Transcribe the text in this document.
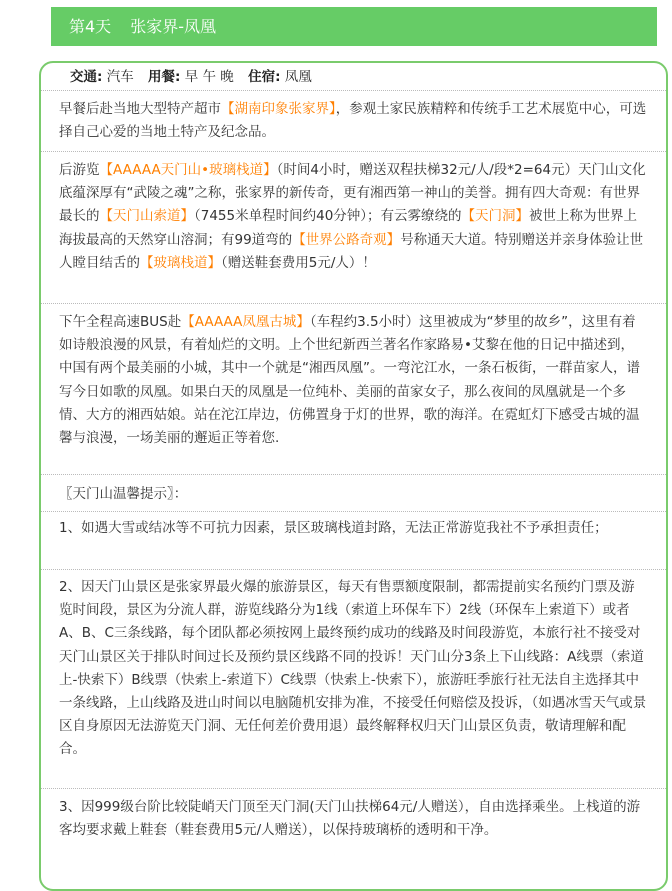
第4天 张家界-凤凰
交通: 汽车 用餐: 早 午 晚 住宿: 凤凰

早餐后赴当地大型特产超市【湖南印象张家界】，参观土家民族精粹和传统手工艺术展览中心，可选择自己心爱的当地土特产及纪念品。

后游览【AAAAA天门山•玻璃栈道】（时间4小时，赠送双程扶梯32元/人/段*2=64元）天门山文化底蕴深厚有“武陵之魂”之称，张家界的新传奇，更有湘西第一神山的美誉。拥有四大奇观：有世界最长的【天门山索道】（7455米单程时间约40分钟）；有云雾缭绕的【天门洞】被世上称为世界上海拔最高的天然穿山溶洞；有99道弯的【世界公路奇观】号称通天大道。特别赠送并亲身体验让世人瞠目结舌的【玻璃栈道】（赠送鞋套费用5元/人）！

下午全程高速BUS赴【AAAAA凤凰古城】（车程约3.5小时）这里被成为“梦里的故乡”，这里有着如诗般浪漫的风景，有着灿烂的文明。上个世纪新西兰著名作家路易•艾黎在他的日记中描述到，中国有两个最美丽的小城，其中一个就是“湘西凤凰”。一弯沱江水，一条石板街，一群苗家人，谱写今日如歌的凤凰。如果白天的凤凰是一位纯朴、美丽的苗家女子，那么夜间的凤凰就是一个多情、大方的湘西姑娘。站在沱江岸边，仿佛置身于灯的世界，歌的海洋。在霓虹灯下感受古城的温馨与浪漫，一场美丽的邂逅正等着您.

〖天门山温馨提示〗：

1、如遇大雪或结冰等不可抗力因素，景区玻璃栈道封路，无法正常游览我社不予承担责任；

2、因天门山景区是张家界最火爆的旅游景区，每天有售票额度限制，都需提前实名预约门票及游览时间段，景区为分流人群，游览线路分为1线（索道上环保车下）2线（环保车上索道下）或者A、B、C三条线路，每个团队都必须按网上最终预约成功的线路及时间段游览，本旅行社不接受对天门山景区关于排队时间过长及预约景区线路不同的投诉！天门山分3条上下山线路：A线票（索道上-快索下）B线票（快索上-索道下）C线票（快索上-快索下），旅游旺季旅行社无法自主选择其中一条线路，上山线路及进山时间以电脑随机安排为准，不接受任何赔偿及投诉，（如遇冰雪天气或景区自身原因无法游览天门洞、无任何差价费用退）最终解释权归天门山景区负责，敬请理解和配合。

3、因999级台阶比较陡峭天门顶至天门洞(天门山扶梯64元/人赠送），自由选择乘坐。上栈道的游客均要求戴上鞋套（鞋套费用5元/人赠送），以保持玻璃桥的透明和干净。
